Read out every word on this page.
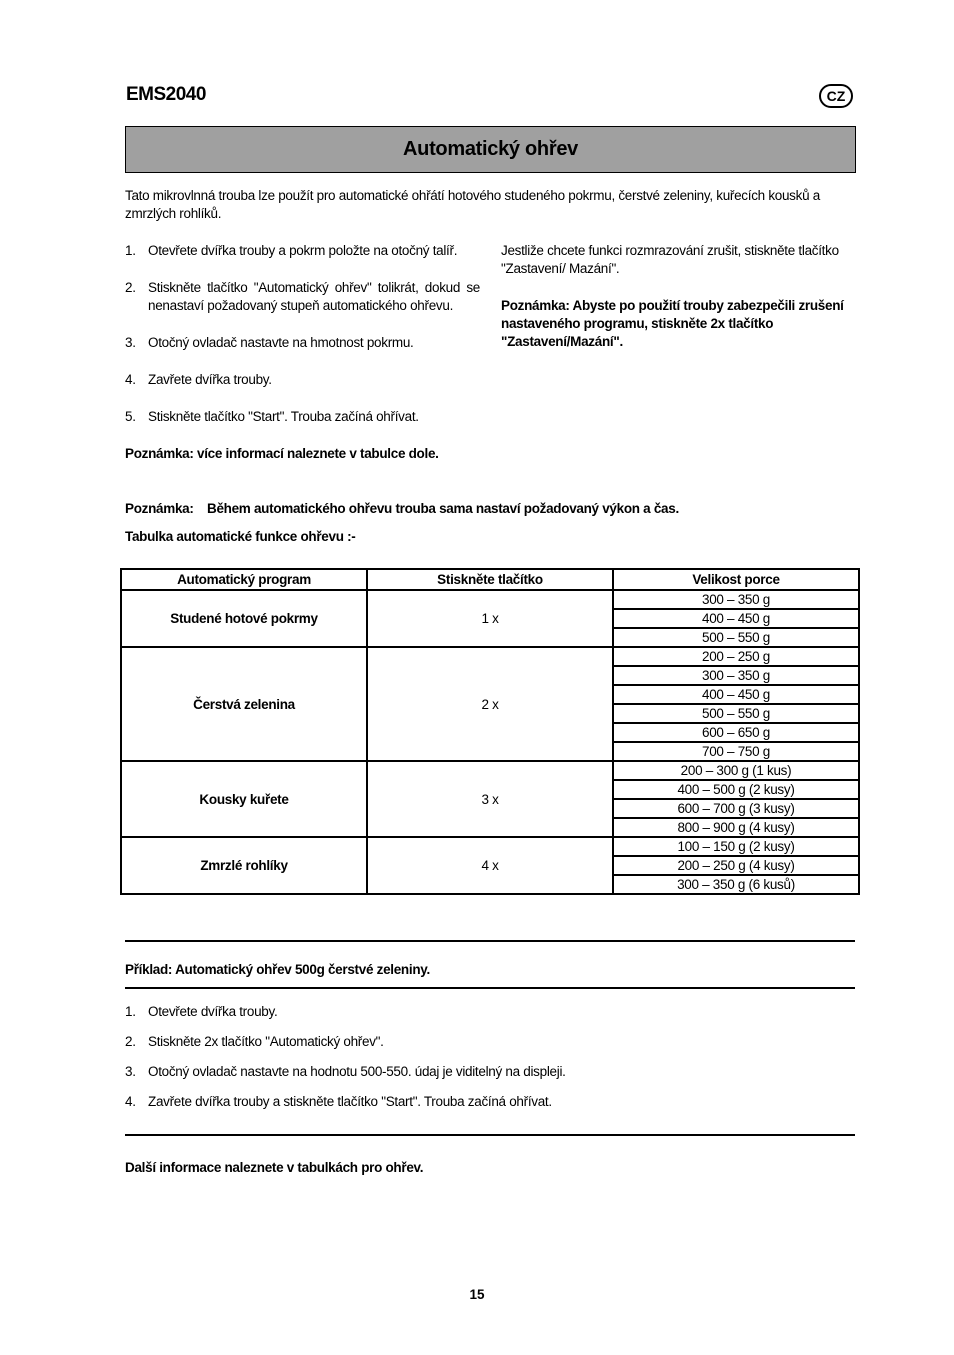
EMS2040	CZ
Automatický ohřev
Tato mikrovlnná trouba lze použít pro automatické ohřátí hotového studeného pokrmu, čerstvé zeleniny, kuřecích kousků a zmrzlých rohlíků.
1. Otevřete dvířka trouby a pokrm položte na otočný talíř.
2. Stiskněte tlačítko "Automatický ohřev" tolikrát, dokud se nenastaví požadovaný stupeň automatického ohřevu.
3. Otočný ovladač nastavte na hmotnost pokrmu.
4. Zavřete dvířka trouby.
5. Stiskněte tlačítko "Start". Trouba začíná ohřívat.
Poznámka: více informací naleznete v tabulce dole.

Jestliže chcete funkci rozmrazování zrušit, stiskněte tlačítko "Zastavení/ Mazání".

Poznámka: Abyste po použití trouby zabezpečili zrušení nastaveného programu, stiskněte 2x tlačítko "Zastavení/Mazání".

Poznámka: Během automatického ohřevu trouba sama nastaví požadovaný výkon a čas.
Tabulka automatické funkce ohřevu :-
Automatický program	Stiskněte tlačítko	Velikost porce
Studené hotové pokrmy	1 x	300 – 350 g
		400 – 450 g
		500 – 550 g
Čerstvá zelenina	2 x	200 – 250 g
		300 – 350 g
		400 – 450 g
		500 – 550 g
		600 – 650 g
		700 – 750 g
Kousky kuřete	3 x	200 – 300 g (1 kus)
		400 – 500 g (2 kusy)
		600 – 700 g (3 kusy)
		800 – 900 g (4 kusy)
Zmrzlé rohlíky	4 x	100 – 150 g (2 kusy)
		200 – 250 g (4 kusy)
		300 – 350 g (6 kusů)
Příklad: Automatický ohřev 500g čerstvé zeleniny.
1. Otevřete dvířka trouby.
2. Stiskněte 2x tlačítko "Automatický ohřev".
3. Otočný ovladač nastavte na hodnotu 500-550. údaj je viditelný na displeji.
4. Zavřete dvířka trouby a stiskněte tlačítko "Start". Trouba začíná ohřívat.
Další informace naleznete v tabulkách pro ohřev.
15
